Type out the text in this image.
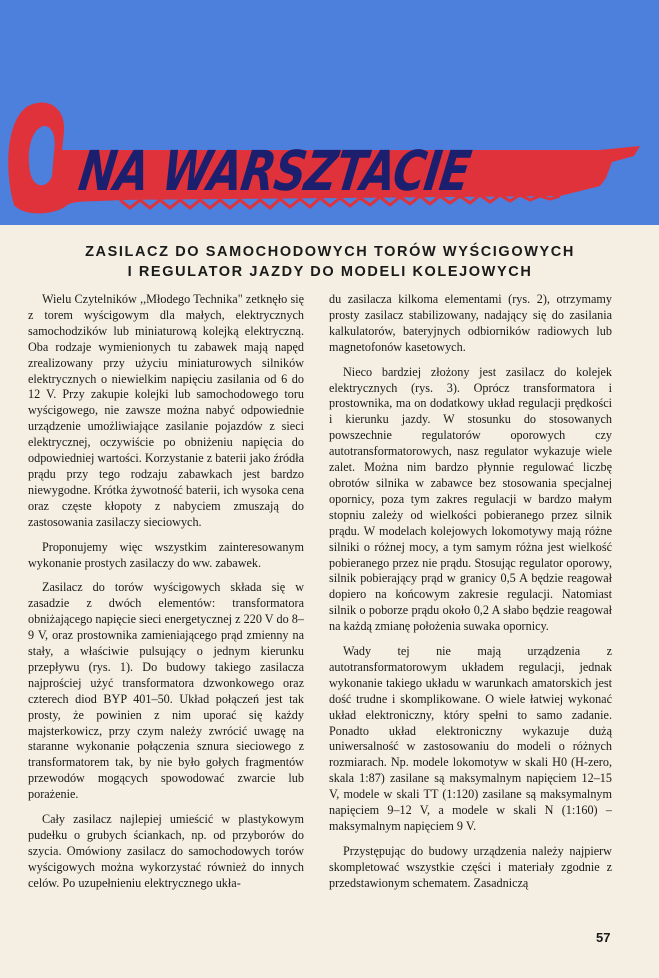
NA WARSZTACIE
ZASILACZ DO SAMOCHODOWYCH TORÓW WYŚCIGOWYCH
I REGULATOR JAZDY DO MODELI KOLEJOWYCH

Wielu Czytelników ,,Młodego Technika" zetknęło się z torem wyścigowym dla małych, elektrycznych samochodzików lub miniaturową kolejką elektryczną. Oba rodzaje wymienionych tu zabawek mają napęd zrealizowany przy użyciu miniaturowych silników elektrycznych o niewielkim napięciu zasilania od 6 do 12 V. Przy zakupie kolejki lub samochodowego toru wyścigowego, nie zawsze można nabyć odpowiednie urządzenie umożliwiające zasilanie pojazdów z sieci elektrycznej, oczywiście po obniżeniu napięcia do odpowiedniej wartości. Korzystanie z baterii jako źródła prądu przy tego rodzaju zabawkach jest bardzo niewygodne. Krótka żywotność baterii, ich wysoka cena oraz częste kłopoty z nabyciem zmuszają do zastosowania zasilaczy sieciowych.

Proponujemy więc wszystkim zainteresowanym wykonanie prostych zasilaczy do ww. zabawek.

Zasilacz do torów wyścigowych składa się w zasadzie z dwóch elementów: transformatora obniżającego napięcie sieci energetycznej z 220 V do 8–9 V, oraz prostownika zamieniającego prąd zmienny na stały, a właściwie pulsujący o jednym kierunku przepływu (rys. 1). Do budowy takiego zasilacza najprościej użyć transformatora dzwonkowego oraz czterech diod BYP 401–50. Układ połączeń jest tak prosty, że powinien z nim uporać się każdy majsterkowicz, przy czym należy zwrócić uwagę na staranne wykonanie połączenia sznura sieciowego z transformatorem tak, by nie było gołych fragmentów przewodów mogących spowodować zwarcie lub porażenie.

Cały zasilacz najlepiej umieścić w plastykowym pudełku o grubych ściankach, np. od przyborów do szycia. Omówiony zasilacz do samochodowych torów wyścigowych można wykorzystać również do innych celów. Po uzupełnieniu elektrycznego ukła-

du zasilacza kilkoma elementami (rys. 2), otrzymamy prosty zasilacz stabilizowany, nadający się do zasilania kalkulatorów, bateryjnych odbiorników radiowych lub magnetofonów kasetowych.

Nieco bardziej złożony jest zasilacz do kolejek elektrycznych (rys. 3). Oprócz transformatora i prostownika, ma on dodatkowy układ regulacji prędkości i kierunku jazdy. W stosunku do stosowanych powszechnie regulatorów oporowych czy autotransformatorowych, nasz regulator wykazuje wiele zalet. Można nim bardzo płynnie regulować liczbę obrotów silnika w zabawce bez stosowania specjalnej opornicy, poza tym zakres regulacji w bardzo małym stopniu zależy od wielkości pobieranego przez silnik prądu. W modelach kolejowych lokomotywy mają różne silniki o różnej mocy, a tym samym różna jest wielkość pobieranego przez nie prądu. Stosując regulator oporowy, silnik pobierający prąd w granicy 0,5 A będzie reagował dopiero na końcowym zakresie regulacji. Natomiast silnik o poborze prądu około 0,2 A słabo będzie reagował na każdą zmianę położenia suwaka opornicy.

Wady tej nie mają urządzenia z autotransformatorowym układem regulacji, jednak wykonanie takiego układu w warunkach amatorskich jest dość trudne i skomplikowane. O wiele łatwiej wykonać układ elektroniczny, który spełni to samo zadanie. Ponadto układ elektroniczny wykazuje dużą uniwersalność w zastosowaniu do modeli o różnych rozmiarach. Np. modele lokomotyw w skali H0 (H-zero, skala 1:87) zasilane są maksymalnym napięciem 12–15 V, modele w skali TT (1:120) zasilane są maksymalnym napięciem 9–12 V, a modele w skali N (1:160) – maksymalnym napięciem 9 V.

Przystępując do budowy urządzenia należy najpierw skompletować wszystkie części i materiały zgodnie z przedstawionym schematem. Zasadniczą

57
